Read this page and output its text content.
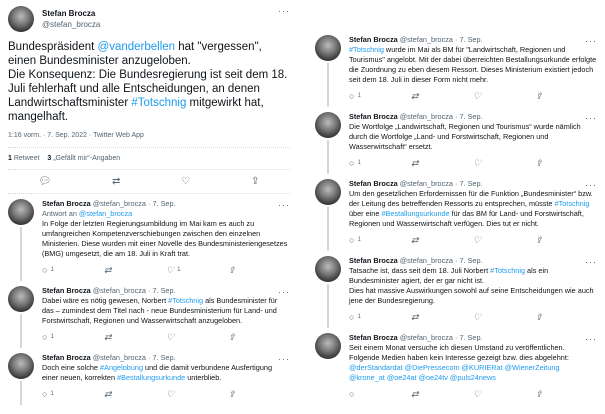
···
Stefan Brocza
@stefan_brocza
Bundespräsident @vanderbellen hat "vergessen", einen Bundesminister anzugeloben.
Die Konsequenz: Die Bundesregierung ist seit dem 18. Juli fehlerhaft und alle Entscheidungen, an denen Landwirtschaftsminister #Totschnig mitgewirkt hat, mangelhaft.
1:16 vorm. · 7. Sep. 2022 · Twitter Web App
1 Retweet 3 „Gefällt mir“-Angaben
💬︎	⇄	♡	⇪
···
Stefan Brocza @stefan_brocza · 7. Sep.
Antwort an @stefan_brocza
In Folge der letzten Regierungsumbildung im Mai kam es auch zu umfangreichen Kompetenzverschiebungen zwischen den einzelnen Ministerien. Diese wurden mit einer Novelle des Bundesministeriengesetzes (BMG) umgesetzt, die am 18. Juli in Kraft trat.
○ 1	⇄	♡ 1	⇪
···
Stefan Brocza @stefan_brocza · 7. Sep.
Dabei wäre es nötig gewesen, Norbert #Totschnig als Bundesminister für das – zumindest dem Titel nach - neue Bundesministerium für Land- und Forstwirtschaft, Regionen und Wasserwirtschaft anzugeloben.
○ 1	⇄	♡	⇪
···
Stefan Brocza @stefan_brocza · 7. Sep.
Doch eine solche #Angelobung und die damit verbundene Ausfertigung einer neuen, korrekten #Bestallungsurkunde unterblieb.
○ 1	⇄	♡	⇪
···
Stefan Brocza @stefan_brocza · 7. Sep.
#Totschnig wurde im Mai als BM für "Landwirtschaft, Regionen und Tourismus" angelobt. Mit der dabei überreichten Bestallungsurkunde erfolgte die Zuordnung zu eben diesem Ressort. Dieses Ministerium existiert jedoch seit dem 18. Juli in dieser Form nicht mehr.
○ 1	⇄	♡	⇪
···
Stefan Brocza @stefan_brocza · 7. Sep.
Die Wortfolge „Landwirtschaft, Regionen und Tourismus“ wurde nämlich durch die Wortfolge „Land- und Forstwirtschaft, Regionen und Wasserwirtschaft“ ersetzt.
○ 1	⇄	♡	⇪
···
Stefan Brocza @stefan_brocza · 7. Sep.
Um den gesetzlichen Erfordernissen für die Funktion „Bundesminister“ bzw. der Leitung des betreffenden Ressorts zu entsprechen, müsste #Totschnig über eine #Bestallungsurkunde für das BM für Land- und Forstwirtschaft, Regionen und Wasserwirtschaft verfügen. Dies tut er nicht.
○ 1	⇄	♡	⇪
···
Stefan Brocza @stefan_brocza · 7. Sep.
Tatsache ist, dass seit dem 18. Juli Norbert #Totschnig als ein Bundesminister agiert, der er gar nicht ist.
Dies hat massive Auswirkungen sowohl auf seine Entscheidungen wie auch jene der Bundesregierung.
○ 1	⇄	♡	⇪
···
Stefan Brocza @stefan_brocza · 7. Sep.
Seit einem Monat versuche ich diesen Umstand zu veröffentlichen.
Folgende Medien haben kein Interesse gezeigt bzw. dies abgelehnt:
@derStandardat @DiePressecom @KURIERat @WienerZeitung @krone_at @oe24at @oe24tv @puls24news
○	⇄	♡	⇪
